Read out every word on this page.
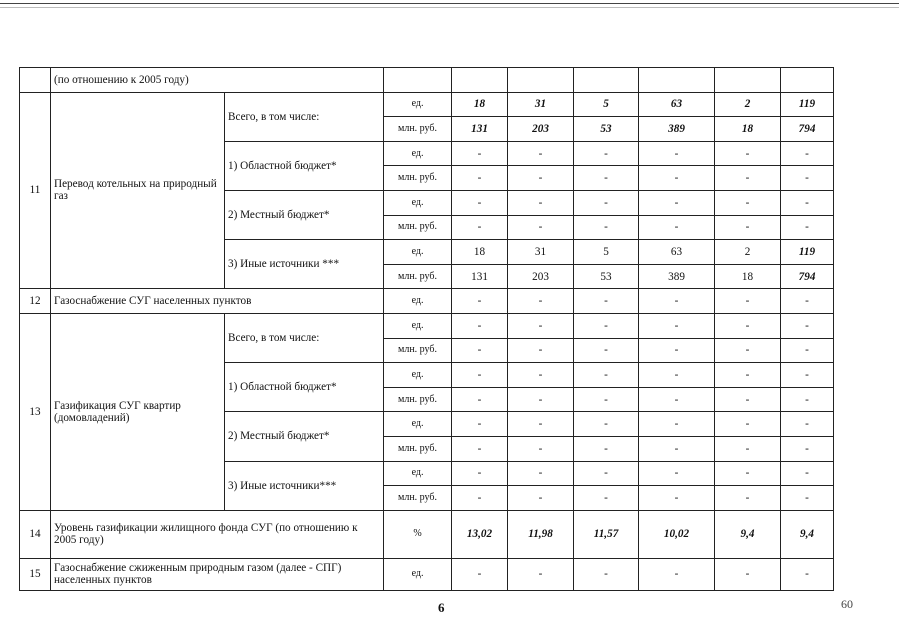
	(по отношению к 2005 году)								
11	Перевод котельных на природный газ	Всего, в том числе:	ед.	18	31	5	63	2	119
			млн. руб.	131	203	53	389	18	794
		1) Областной бюджет*	ед.	-	-	-	-	-	-
			млн. руб.	-	-	-	-	-	-
		2) Местный бюджет*	ед.	-	-	-	-	-	-
			млн. руб.	-	-	-	-	-	-
		3) Иные источники ***	ед.	18	31	5	63	2	119
			млн. руб.	131	203	53	389	18	794
12	Газоснабжение СУГ населенных пунктов		ед.	-	-	-	-	-	-
13	Газификация СУГ квартир (домовладений)	Всего, в том числе:	ед.	-	-	-	-	-	-
			млн. руб.	-	-	-	-	-	-
		1) Областной бюджет*	ед.	-	-	-	-	-	-
			млн. руб.	-	-	-	-	-	-
		2) Местный бюджет*	ед.	-	-	-	-	-	-
			млн. руб.	-	-	-	-	-	-
		3) Иные источники***	ед.	-	-	-	-	-	-
			млн. руб.	-	-	-	-	-	-
14	Уровень газификации жилищного фонда СУГ (по отношению к 2005 году)		%	13,02	11,98	11,57	10,02	9,4	9,4
15	Газоснабжение сжиженным природным газом (далее - СПГ) населенных пунктов		ед.	-	-	-	-	-	-
6	60
